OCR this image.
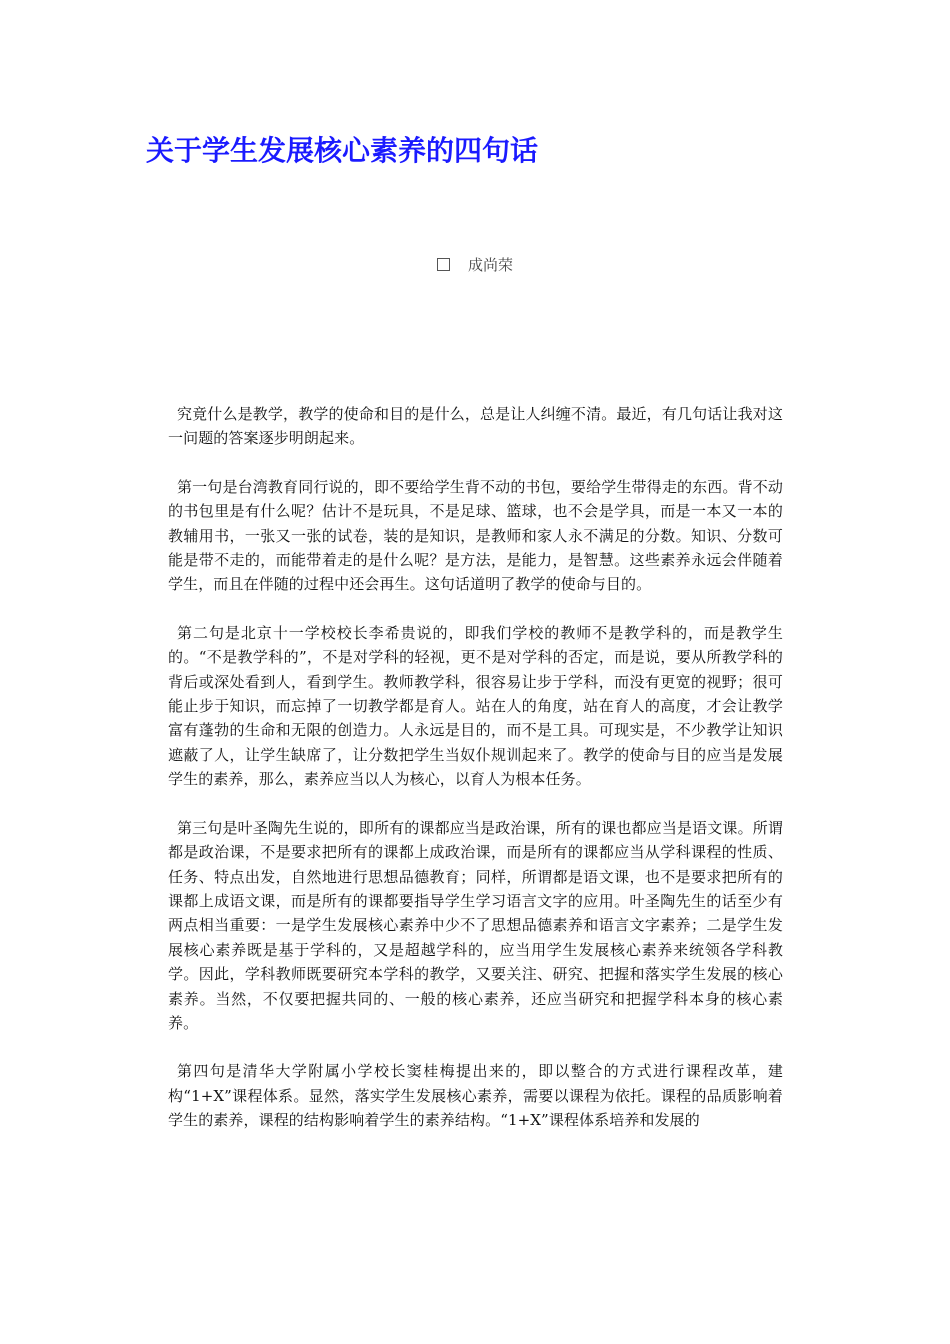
关于学生发展核心素养的四句话
成尚荣

究竟什么是教学，教学的使命和目的是什么，总是让人纠缠不清。最近，有几句话让我对这一问题的答案逐步明朗起来。

第一句是台湾教育同行说的，即不要给学生背不动的书包，要给学生带得走的东西。背不动的书包里是有什么呢？估计不是玩具，不是足球、篮球，也不会是学具，而是一本又一本的教辅用书，一张又一张的试卷，装的是知识，是教师和家人永不满足的分数。知识、分数可能是带不走的，而能带着走的是什么呢？是方法，是能力，是智慧。这些素养永远会伴随着学生，而且在伴随的过程中还会再生。这句话道明了教学的使命与目的。

第二句是北京十一学校校长李希贵说的，即我们学校的教师不是教学科的，而是教学生的。“不是教学科的”，不是对学科的轻视，更不是对学科的否定，而是说，要从所教学科的背后或深处看到人，看到学生。教师教学科，很容易让步于学科，而没有更宽的视野；很可能止步于知识，而忘掉了一切教学都是育人。站在人的角度，站在育人的高度，才会让教学富有蓬勃的生命和无限的创造力。人永远是目的，而不是工具。可现实是，不少教学让知识遮蔽了人，让学生缺席了，让分数把学生当奴仆规训起来了。教学的使命与目的应当是发展学生的素养，那么，素养应当以人为核心，以育人为根本任务。

第三句是叶圣陶先生说的，即所有的课都应当是政治课，所有的课也都应当是语文课。所谓都是政治课，不是要求把所有的课都上成政治课，而是所有的课都应当从学科课程的性质、任务、特点出发，自然地进行思想品德教育；同样，所谓都是语文课，也不是要求把所有的课都上成语文课，而是所有的课都要指导学生学习语言文字的应用。叶圣陶先生的话至少有两点相当重要：一是学生发展核心素养中少不了思想品德素养和语言文字素养；二是学生发展核心素养既是基于学科的，又是超越学科的，应当用学生发展核心素养来统领各学科教学。因此，学科教师既要研究本学科的教学，又要关注、研究、把握和落实学生发展的核心素养。当然，不仅要把握共同的、一般的核心素养，还应当研究和把握学科本身的核心素养。

第四句是清华大学附属小学校长窦桂梅提出来的，即以整合的方式进行课程改革，建构“1+X”课程体系。显然，落实学生发展核心素养，需要以课程为依托。课程的品质影响着学生的素养，课程的结构影响着学生的素养结构。“1+X”课程体系培养和发展的
